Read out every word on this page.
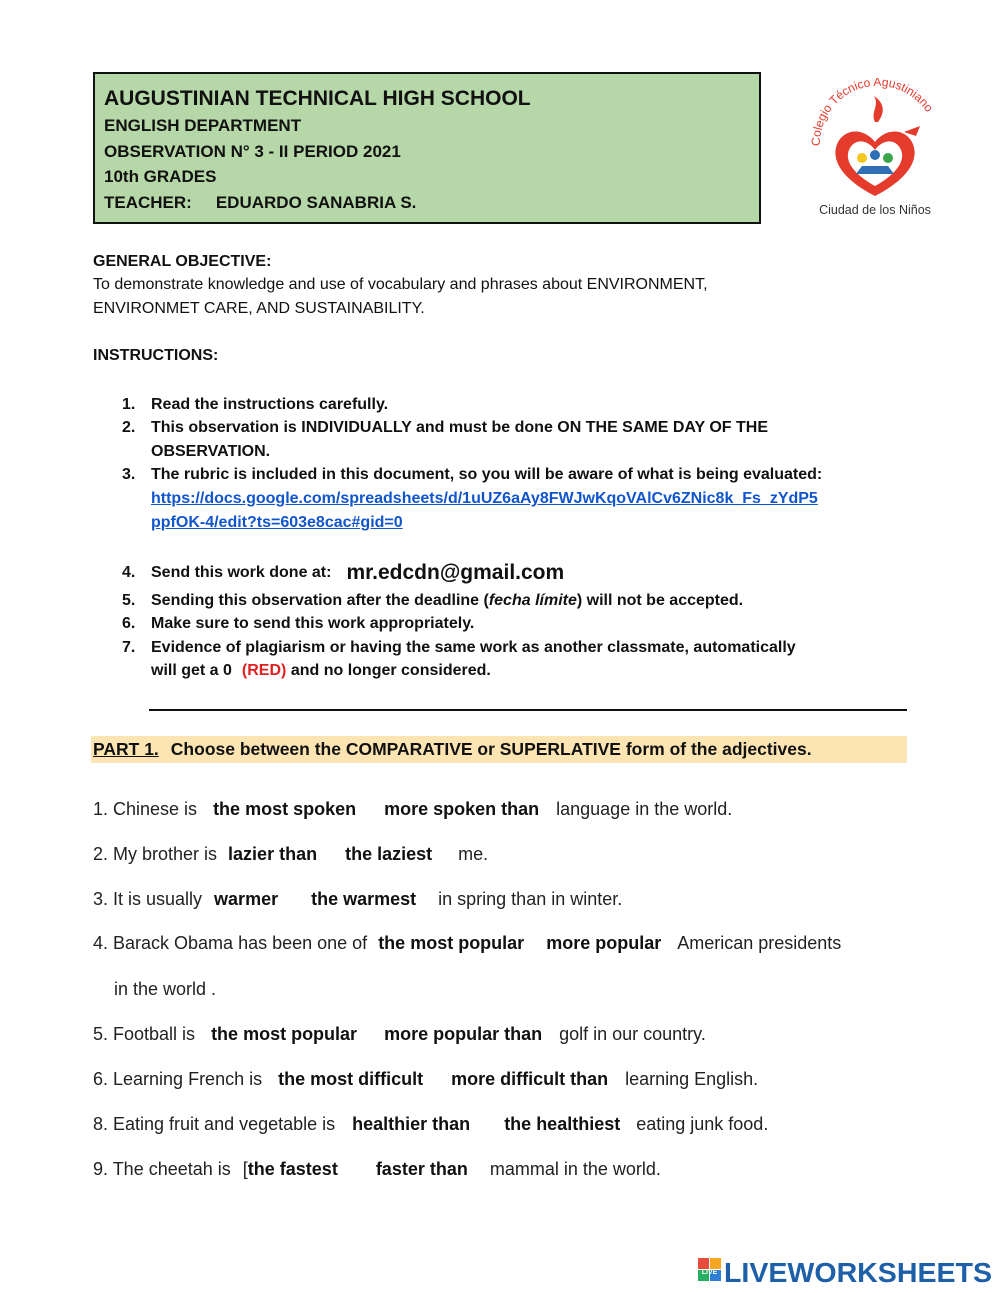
AUGUSTINIAN TECHNICAL HIGH SCHOOL
ENGLISH DEPARTMENT
OBSERVATION N° 3 - II PERIOD 2021
10th GRADES
TEACHER: EDUARDO SANABRIA S.
Colegio Técnico Agustiniano
Ciudad de los Niños
GENERAL OBJECTIVE:
To demonstrate knowledge and use of vocabulary and phrases about ENVIRONMENT,
ENVIRONMET CARE, AND SUSTAINABILITY.
INSTRUCTIONS:
1. Read the instructions carefully.
2. This observation is INDIVIDUALLY and must be done ON THE SAME DAY OF THE
OBSERVATION.
3. The rubric is included in this document, so you will be aware of what is being evaluated:
https://docs.google.com/spreadsheets/d/1uUZ6aAy8FWJwKqoVAlCv6ZNic8k_Fs_zYdP5
ppfOK-4/edit?ts=603e8cac#gid=0
4. Send this work done at: mr.edcdn@gmail.com
5. Sending this observation after the deadline (fecha límite) will not be accepted.
6. Make sure to send this work appropriately.
7. Evidence of plagiarism or having the same work as another classmate, automatically
will get a 0 (RED) and no longer considered.
PART 1. Choose between the COMPARATIVE or SUPERLATIVE form of the adjectives.
1. Chinese is the most spoken more spoken than language in the world.
2. My brother is lazier than the laziest me.
3. It is usually warmer the warmest in spring than in winter.
4. Barack Obama has been one of the most popular more popular American presidents
in the world .
5. Football is the most popular more popular than golf in our country.
6. Learning French is the most difficult more difficult than learning English.
8. Eating fruit and vegetable is healthier than the healthiest eating junk food.
9. The cheetah is [the fastest faster than mammal in the world.
LIVE LIVEWORKSHEETS
